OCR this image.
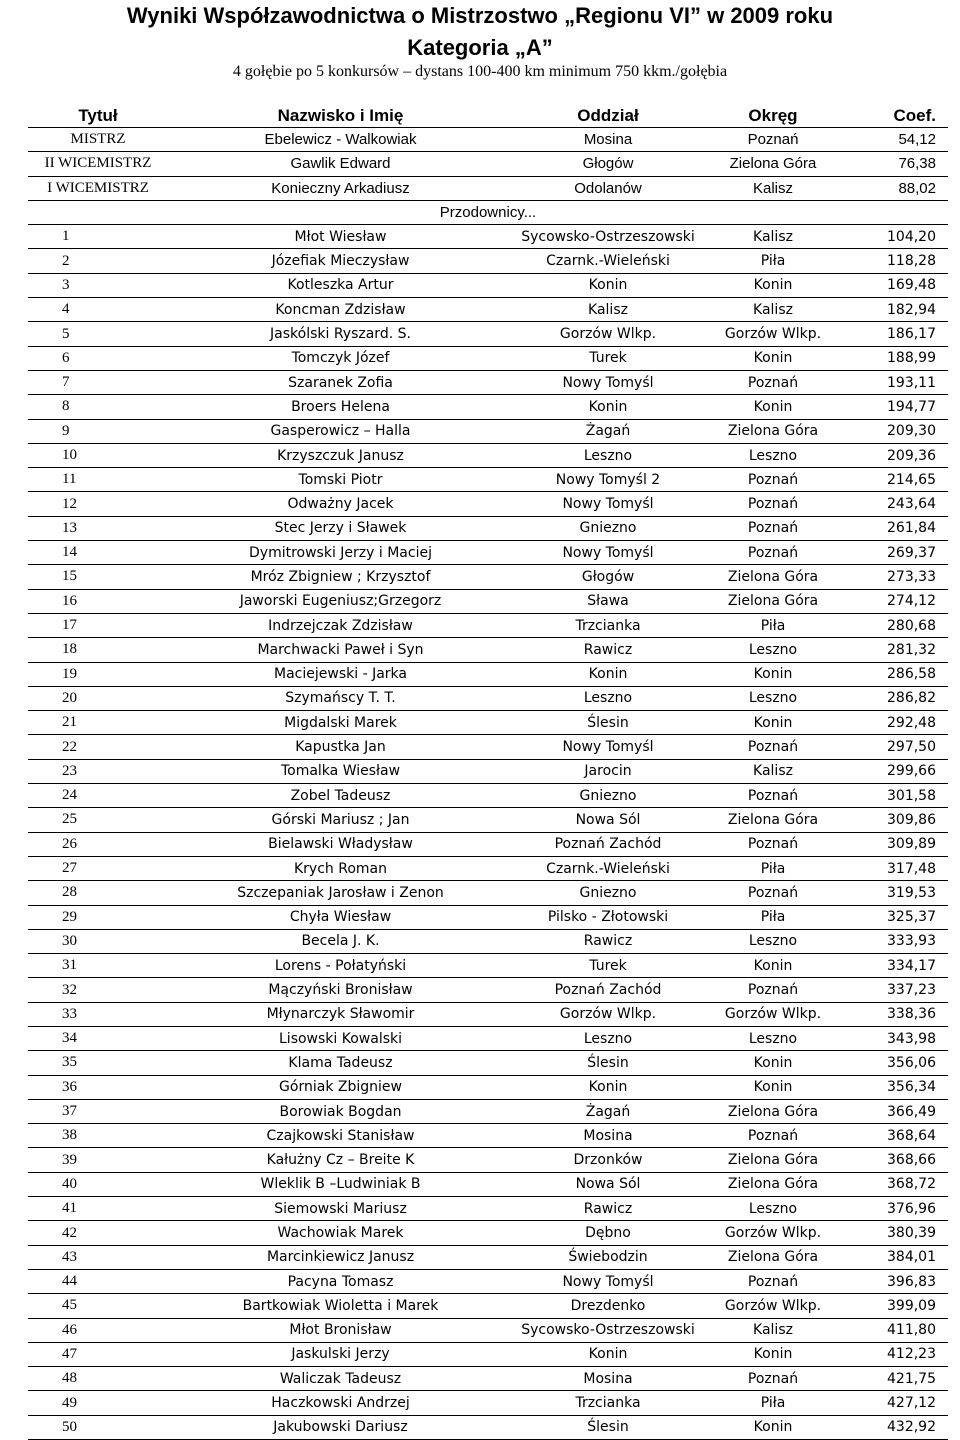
Wyniki Współzawodnictwa o Mistrzostwo „Regionu VI” w 2009 roku
Kategoria „A”
4 gołębie po 5 konkursów – dystans 100-400 km minimum 750 kkm./gołębia
Tytuł	Nazwisko i Imię	Oddział	Okręg	Coef.
MISTRZ	Ebelewicz - Walkowiak	Mosina	Poznań	54,12
II WICEMISTRZ	Gawlik Edward	Głogów	Zielona Góra	76,38
I WICEMISTRZ	Konieczny Arkadiusz	Odolanów	Kalisz	88,02
Przodownicy...				
1	Młot Wiesław	Sycowsko-Ostrzeszowski	Kalisz	104,20
2	Józefiak Mieczysław	Czarnk.-Wieleński	Piła	118,28
3	Kotleszka Artur	Konin	Konin	169,48
4	Koncman Zdzisław	Kalisz	Kalisz	182,94
5	Jaskólski Ryszard. S.	Gorzów Wlkp.	Gorzów Wlkp.	186,17
6	Tomczyk Józef	Turek	Konin	188,99
7	Szaranek Zofia	Nowy Tomyśl	Poznań	193,11
8	Broers Helena	Konin	Konin	194,77
9	Gasperowicz – Halla	Żagań	Zielona Góra	209,30
10	Krzyszczuk Janusz	Leszno	Leszno	209,36
11	Tomski Piotr	Nowy Tomyśl 2	Poznań	214,65
12	Odważny Jacek	Nowy Tomyśl	Poznań	243,64
13	Stec Jerzy i Sławek	Gniezno	Poznań	261,84
14	Dymitrowski Jerzy i Maciej	Nowy Tomyśl	Poznań	269,37
15	Mróz Zbigniew ; Krzysztof	Głogów	Zielona Góra	273,33
16	Jaworski Eugeniusz;Grzegorz	Sława	Zielona Góra	274,12
17	Indrzejczak Zdzisław	Trzcianka	Piła	280,68
18	Marchwacki Paweł i Syn	Rawicz	Leszno	281,32
19	Maciejewski - Jarka	Konin	Konin	286,58
20	Szymańscy T. T.	Leszno	Leszno	286,82
21	Migdalski Marek	Ślesin	Konin	292,48
22	Kapustka Jan	Nowy Tomyśl	Poznań	297,50
23	Tomalka Wiesław	Jarocin	Kalisz	299,66
24	Zobel Tadeusz	Gniezno	Poznań	301,58
25	Górski Mariusz ; Jan	Nowa Sól	Zielona Góra	309,86
26	Bielawski Władysław	Poznań Zachód	Poznań	309,89
27	Krych Roman	Czarnk.-Wieleński	Piła	317,48
28	Szczepaniak Jarosław i Zenon	Gniezno	Poznań	319,53
29	Chyła Wiesław	Pilsko - Złotowski	Piła	325,37
30	Becela J. K.	Rawicz	Leszno	333,93
31	Lorens - Połatyński	Turek	Konin	334,17
32	Mączyński Bronisław	Poznań Zachód	Poznań	337,23
33	Młynarczyk Sławomir	Gorzów Wlkp.	Gorzów Wlkp.	338,36
34	Lisowski Kowalski	Leszno	Leszno	343,98
35	Klama Tadeusz	Ślesin	Konin	356,06
36	Górniak Zbigniew	Konin	Konin	356,34
37	Borowiak Bogdan	Żagań	Zielona Góra	366,49
38	Czajkowski Stanisław	Mosina	Poznań	368,64
39	Kałużny Cz – Breite K	Drzonków	Zielona Góra	368,66
40	Wleklik B –Ludwiniak B	Nowa Sól	Zielona Góra	368,72
41	Siemowski Mariusz	Rawicz	Leszno	376,96
42	Wachowiak Marek	Dębno	Gorzów Wlkp.	380,39
43	Marcinkiewicz Janusz	Świebodzin	Zielona Góra	384,01
44	Pacyna Tomasz	Nowy Tomyśl	Poznań	396,83
45	Bartkowiak Wioletta i Marek	Drezdenko	Gorzów Wlkp.	399,09
46	Młot Bronisław	Sycowsko-Ostrzeszowski	Kalisz	411,80
47	Jaskulski Jerzy	Konin	Konin	412,23
48	Waliczak Tadeusz	Mosina	Poznań	421,75
49	Haczkowski Andrzej	Trzcianka	Piła	427,12
50	Jakubowski Dariusz	Ślesin	Konin	432,92
